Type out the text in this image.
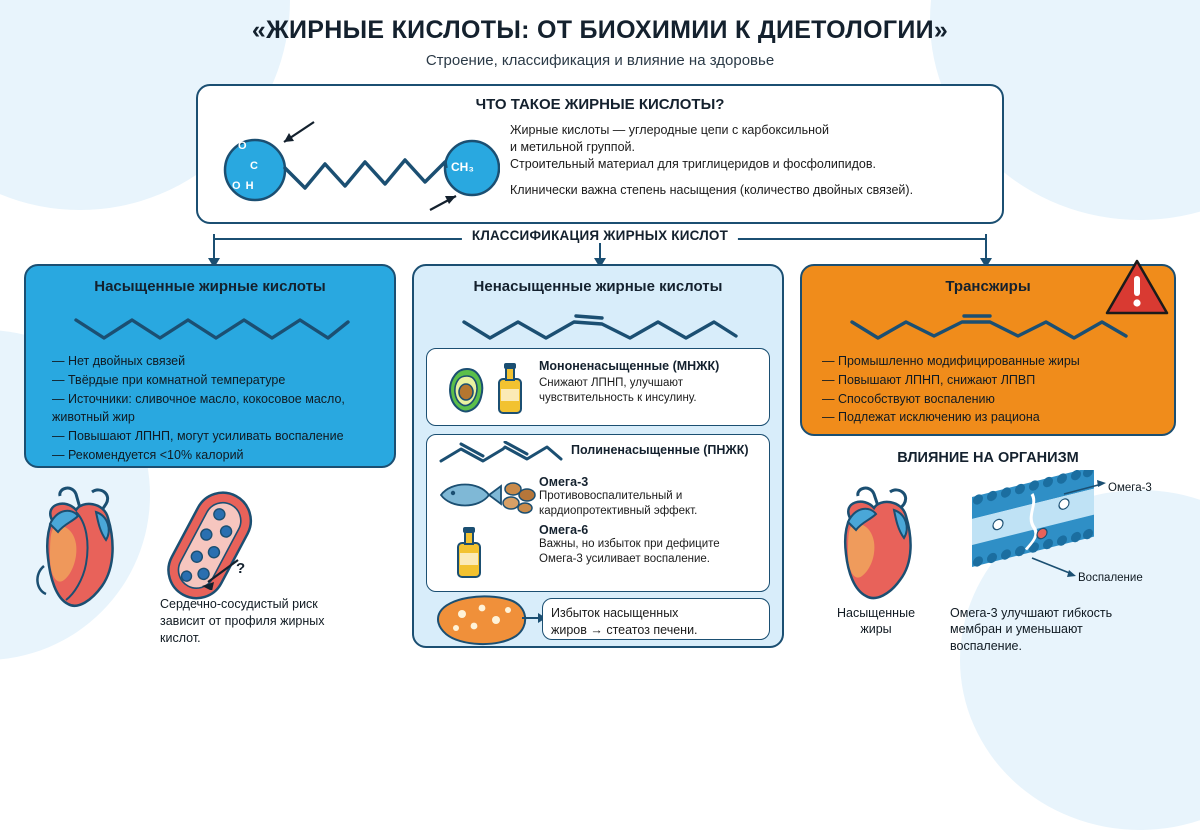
«ЖИРНЫЕ КИСЛОТЫ: ОТ БИОХИМИИ К ДИЕТОЛОГИИ»
Строение, классификация и влияние на здоровье
ЧТО ТАКОЕ ЖИРНЫЕ КИСЛОТЫ?
O
C
O H
CH₃

Жирные кислоты — углеродные цепи с карбоксильной
и метильной группой.
Строительный материал для триглицеридов и фосфолипидов.

Клинически важна степень насыщения (количество двойных связей).

КЛАССИФИКАЦИЯ ЖИРНЫХ КИСЛОТ
Насыщенные жирные кислоты
— Нет двойных связей
— Твёрдые при комнатной температуре
— Источники: сливочное масло, кокосовое масло,
животный жир
— Повышают ЛПНП, могут усиливать воспаление
— Рекомендуется <10% калорий
Ненасыщенные жирные кислоты
Мононенасыщенные (МНЖК)
Снижают ЛПНП, улучшают
чувствительность к инсулину.
Полиненасыщенные (ПНЖК)
Омега-3
Противовоспалительный и
кардиопротективный эффект.
Омега-6
Важны, но избыток при дефиците
Омега-3 усиливает воспаление.
Избыток насыщенных
жиров → стеатоз печени.
Трансжиры
— Промышленно модифицированные жиры
— Повышают ЛПНП, снижают ЛПВП
— Способствуют воспалению
— Подлежат исключению из рациона
?
Сердечно-сосудистый риск
зависит от профиля жирных
кислот.
ВЛИЯНИЕ НА ОРГАНИЗМ
Насыщенные
жиры
Омега-3
Воспаление
Омега-3 улучшают гибкость
мембран и уменьшают
воспаление.
